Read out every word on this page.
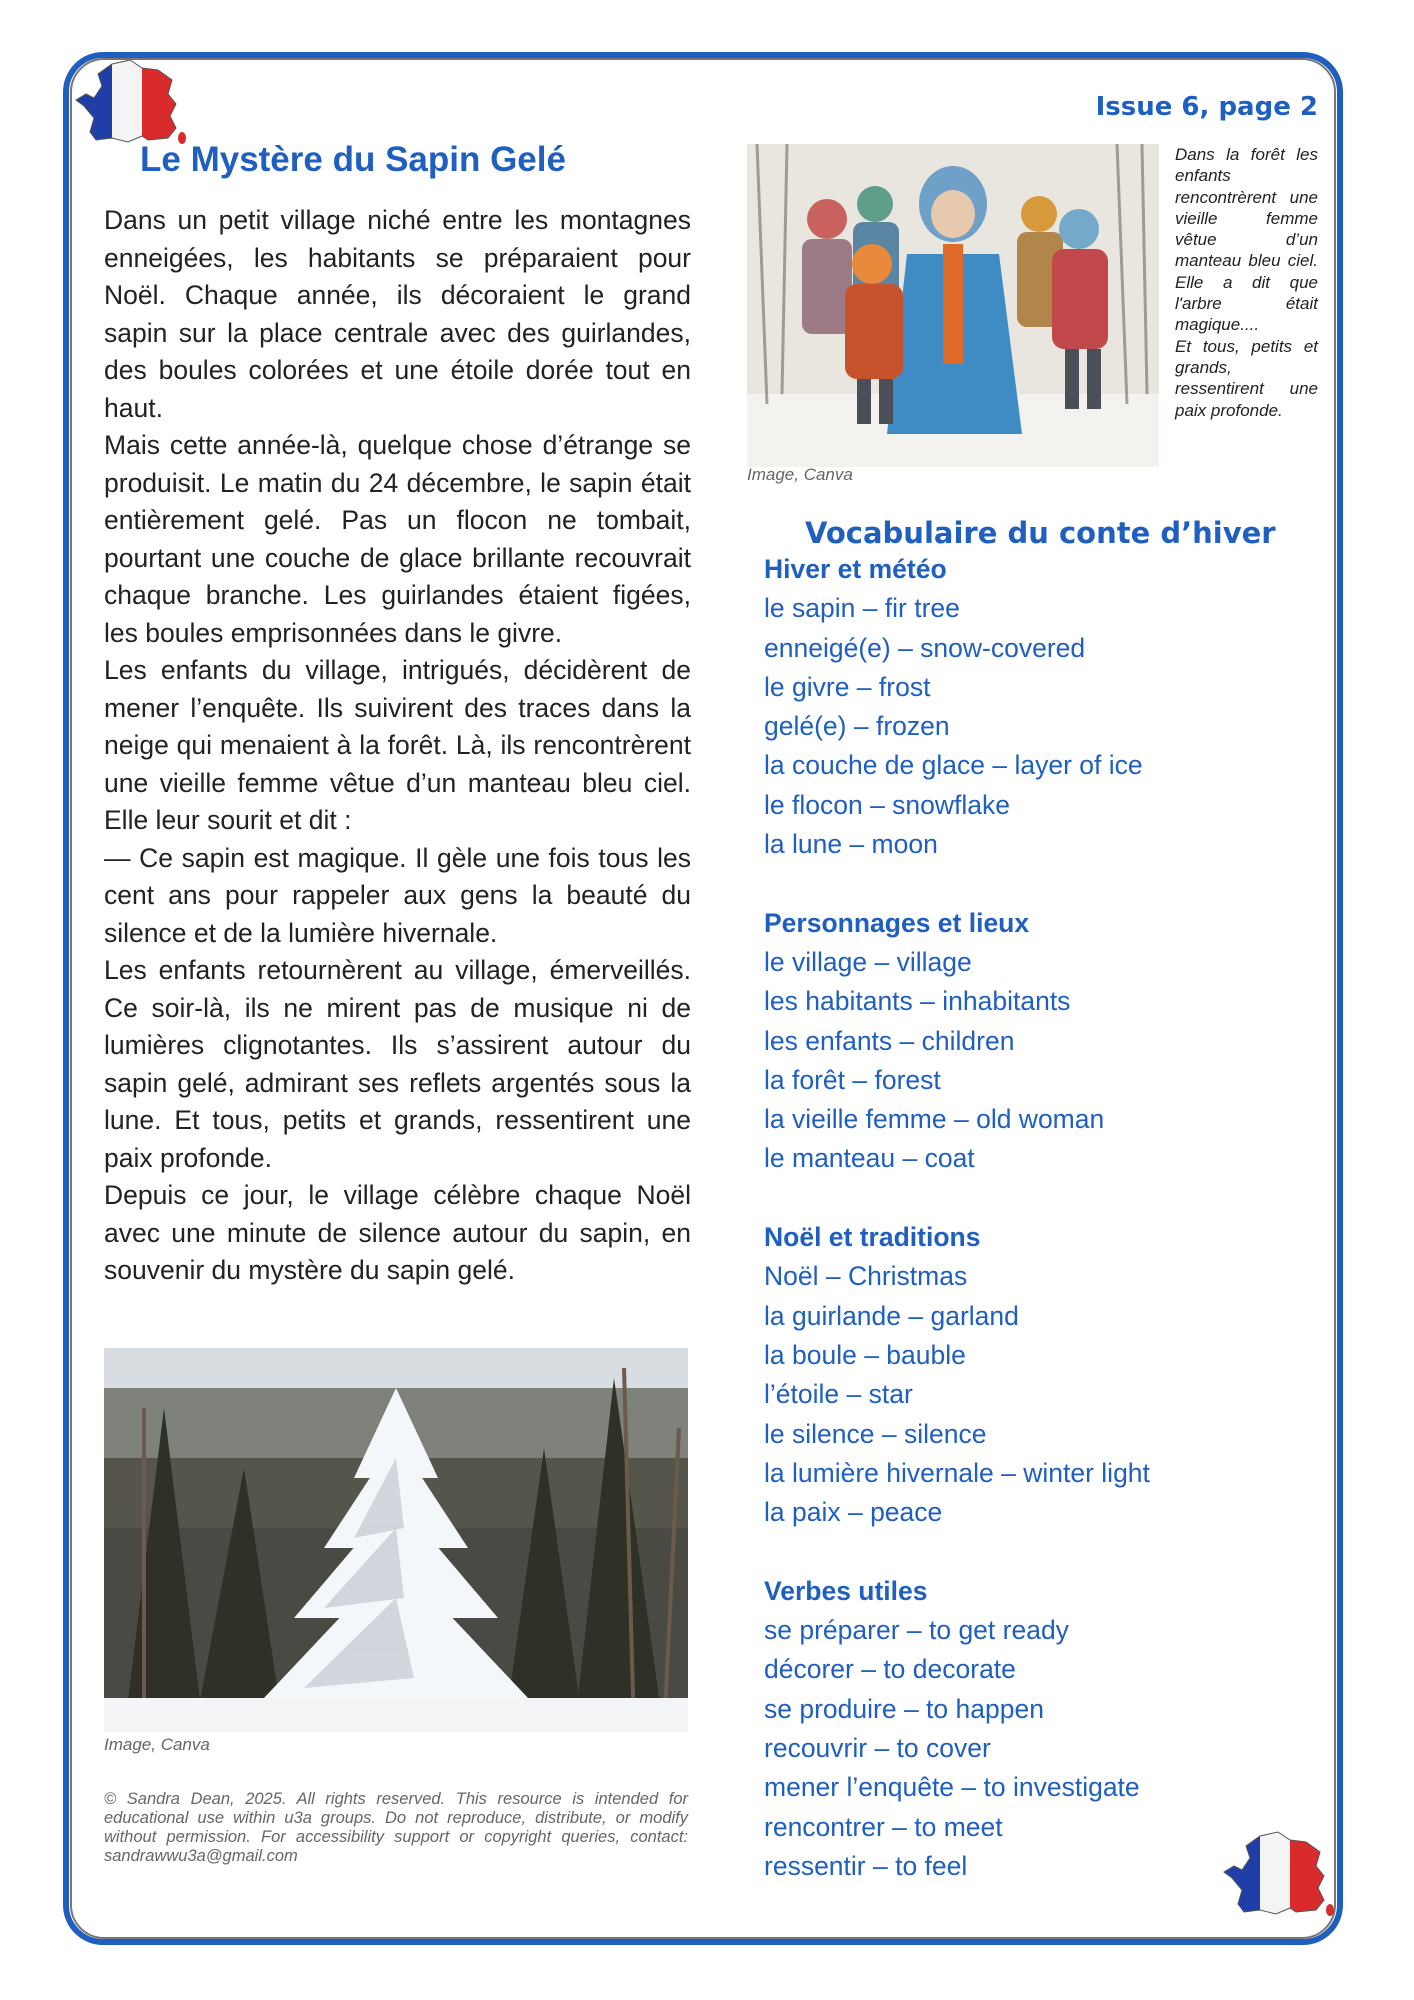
Issue 6, page 2
Le Mystère du Sapin Gelé

Dans un petit village niché entre les montagnes enneigées, les habitants se préparaient pour Noël. Chaque année, ils décoraient le grand sapin sur la place centrale avec des guirlandes, des boules colorées et une étoile dorée tout en haut.

Mais cette année-là, quelque chose d’étrange se produisit. Le matin du 24 décembre, le sapin était entièrement gelé. Pas un flocon ne tombait, pourtant une couche de glace brillante recouvrait chaque branche. Les guirlandes étaient figées, les boules emprisonnées dans le givre.

Les enfants du village, intrigués, décidèrent de mener l’enquête. Ils suivirent des traces dans la neige qui menaient à la forêt. Là, ils rencontrèrent une vieille femme vêtue d’un manteau bleu ciel. Elle leur sourit et dit :

— Ce sapin est magique. Il gèle une fois tous les cent ans pour rappeler aux gens la beauté du silence et de la lumière hivernale.

Les enfants retournèrent au village, émerveillés. Ce soir-là, ils ne mirent pas de musique ni de lumières clignotantes. Ils s’assirent autour du sapin gelé, admirant ses reflets argentés sous la lune. Et tous, petits et grands, ressentirent une paix profonde.

Depuis ce jour, le village célèbre chaque Noël avec une minute de silence autour du sapin, en souvenir du mystère du sapin gelé.

Image, Canva
© Sandra Dean, 2025. All rights reserved. This resource is intended for educational use within u3a groups. Do not reproduce, distribute, or modify without permission. For accessibility support or copyright queries, contact: sandrawwu3a@gmail.com
Image, Canva

Dans la forêt les enfants rencontrèrent une vieille femme vêtue d’un manteau bleu ciel. Elle a dit que l'arbre était magique....

Et tous, petits et grands, ressentirent une paix profonde.

Vocabulaire du conte d’hiver
Hiver et météo
le sapin – fir tree
enneigé(e) – snow-covered
le givre – frost
gelé(e) – frozen
la couche de glace – layer of ice
le flocon – snowflake
la lune – moon
Personnages et lieux
le village – village
les habitants – inhabitants
les enfants – children
la forêt – forest
la vieille femme – old woman
le manteau – coat
Noël et traditions
Noël – Christmas
la guirlande – garland
la boule – bauble
l’étoile – star
le silence – silence
la lumière hivernale – winter light
la paix – peace
Verbes utiles
se préparer – to get ready
décorer – to decorate
se produire – to happen
recouvrir – to cover
mener l’enquête – to investigate
rencontrer – to meet
ressentir – to feel
